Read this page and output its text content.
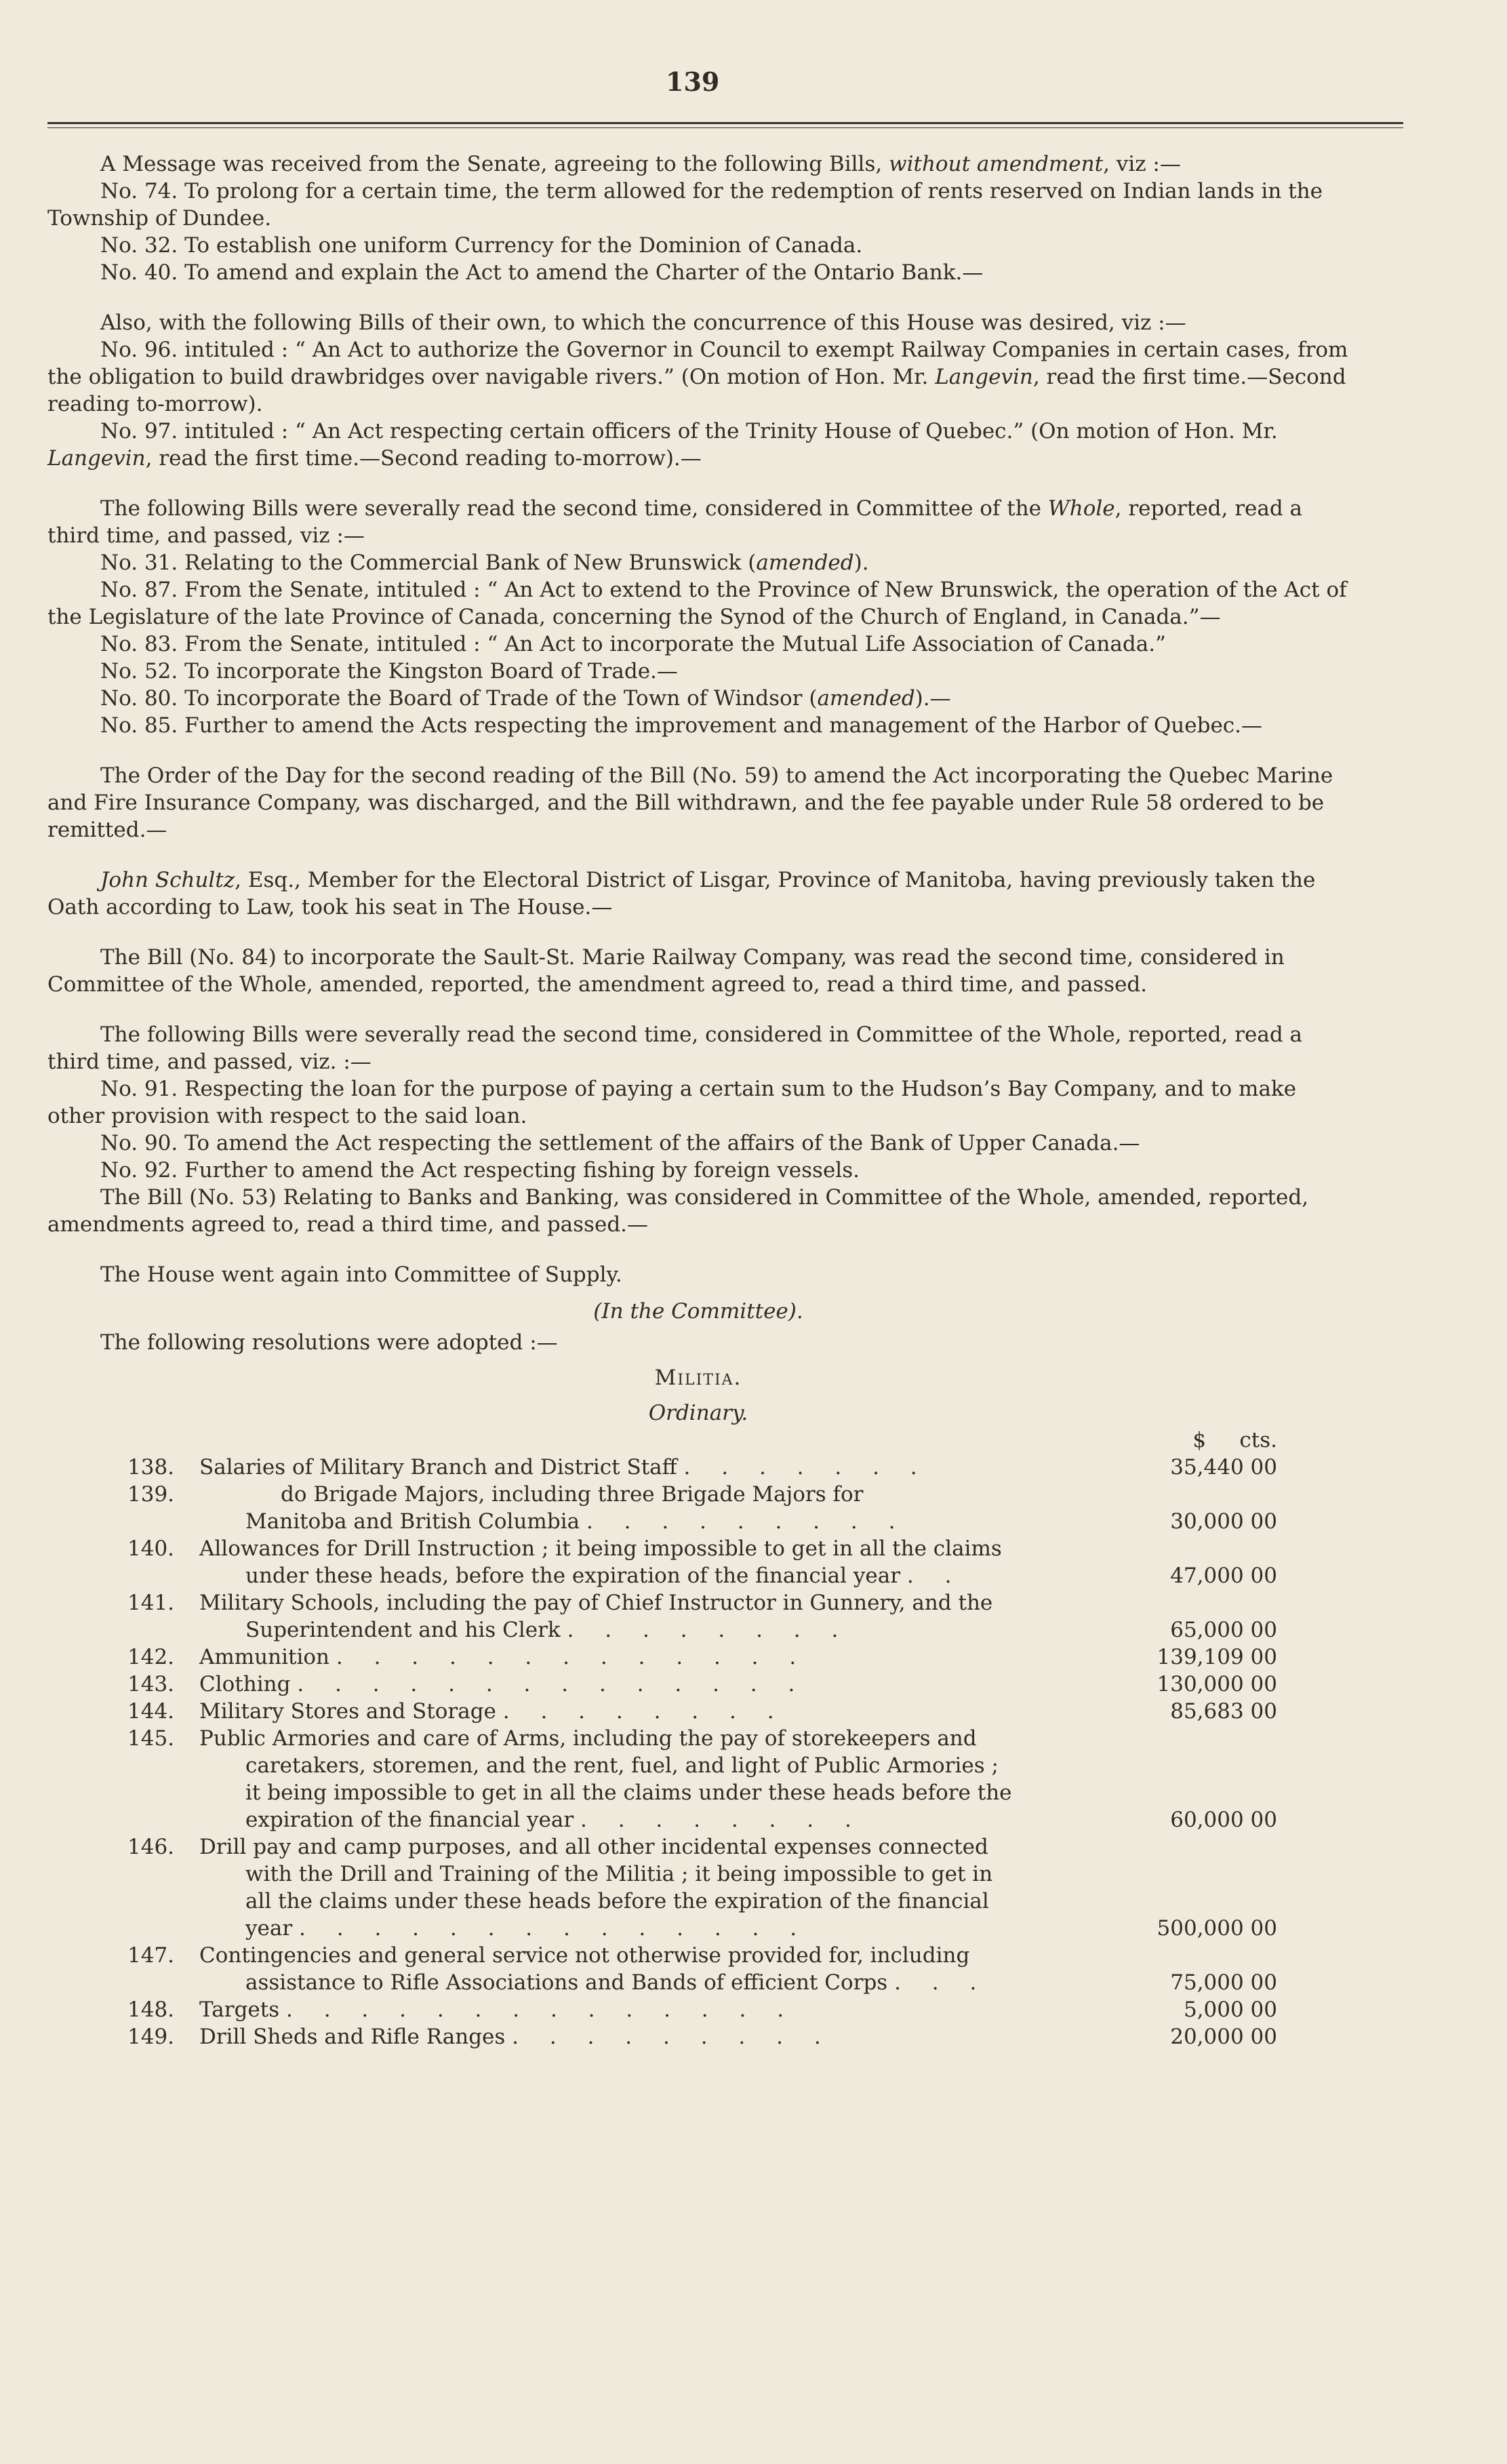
139

A Message was received from the Senate, agreeing to the following Bills, without amendment, viz :—

No. 74. To prolong for a certain time, the term allowed for the redemption of rents reserved on Indian lands in the Township of Dundee.

No. 32. To establish one uniform Currency for the Dominion of Canada.

No. 40. To amend and explain the Act to amend the Charter of the Ontario Bank.—

Also, with the following Bills of their own, to which the concurrence of this House was desired, viz :—

No. 96. intituled : “ An Act to authorize the Governor in Council to exempt Railway Companies in certain cases, from the obligation to build drawbridges over navigable rivers.” (On motion of Hon. Mr. Langevin, read the first time.—Second reading to-morrow).

No. 97. intituled : “ An Act respecting certain officers of the Trinity House of Quebec.” (On motion of Hon. Mr. Langevin, read the first time.—Second reading to-morrow).—

The following Bills were severally read the second time, considered in Committee of the Whole, reported, read a third time, and passed, viz :—

No. 31. Relating to the Commercial Bank of New Brunswick (amended).

No. 87. From the Senate, intituled : “ An Act to extend to the Province of New Brunswick, the operation of the Act of the Legislature of the late Province of Canada, concerning the Synod of the Church of England, in Canada.”—

No. 83. From the Senate, intituled : “ An Act to incorporate the Mutual Life Association of Canada.”

No. 52. To incorporate the Kingston Board of Trade.—

No. 80. To incorporate the Board of Trade of the Town of Windsor (amended).—

No. 85. Further to amend the Acts respecting the improvement and management of the Harbor of Quebec.—

The Order of the Day for the second reading of the Bill (No. 59) to amend the Act incorporating the Quebec Marine and Fire Insurance Company, was discharged, and the Bill withdrawn, and the fee payable under Rule 58 ordered to be remitted.—

John Schultz, Esq., Member for the Electoral District of Lisgar, Province of Manitoba, having previously taken the Oath according to Law, took his seat in The House.—

The Bill (No. 84) to incorporate the Sault-St. Marie Railway Company, was read the second time, considered in Committee of the Whole, amended, reported, the amendment agreed to, read a third time, and passed.

The following Bills were severally read the second time, considered in Committee of the Whole, reported, read a third time, and passed, viz. :—

No. 91. Respecting the loan for the purpose of paying a certain sum to the Hudson’s Bay Company, and to make other provision with respect to the said loan.

No. 90. To amend the Act respecting the settlement of the affairs of the Bank of Upper Canada.—

No. 92. Further to amend the Act respecting fishing by foreign vessels.

The Bill (No. 53) Relating to Banks and Banking, was considered in Committee of the Whole, amended, reported, amendments agreed to, read a third time, and passed.—

The House went again into Committee of Supply.

(In the Committee).

The following resolutions were adopted :—

Militia.

Ordinary.

		$ cts.
138.	Salaries of Military Branch and District Staff . . . . . . .	35,440 00
139.	do Brigade Majors, including three Brigade Majors for
Manitoba and British Columbia . . . . . . . . .	30,000 00
140.	Allowances for Drill Instruction ; it being impossible to get in all the claims
under these heads, before the expiration of the financial year . .	47,000 00
141.	Military Schools, including the pay of Chief Instructor in Gunnery, and the
Superintendent and his Clerk . . . . . . . .	65,000 00
142.	Ammunition . . . . . . . . . . . . .	139,109 00
143.	Clothing . . . . . . . . . . . . . .	130,000 00
144.	Military Stores and Storage . . . . . . . .	85,683 00
145.	Public Armories and care of Arms, including the pay of storekeepers and
caretakers, storemen, and the rent, fuel, and light of Public Armories ;
it being impossible to get in all the claims under these heads before the
expiration of the financial year . . . . . . . .	60,000 00
146.	Drill pay and camp purposes, and all other incidental expenses connected
with the Drill and Training of the Militia ; it being impossible to get in
all the claims under these heads before the expiration of the financial
year . . . . . . . . . . . . . .	500,000 00
147.	Contingencies and general service not otherwise provided for, including
assistance to Rifle Associations and Bands of efficient Corps . . .	75,000 00
148.	Targets . . . . . . . . . . . . . .	5,000 00
149.	Drill Sheds and Rifle Ranges . . . . . . . . .	20,000 00
